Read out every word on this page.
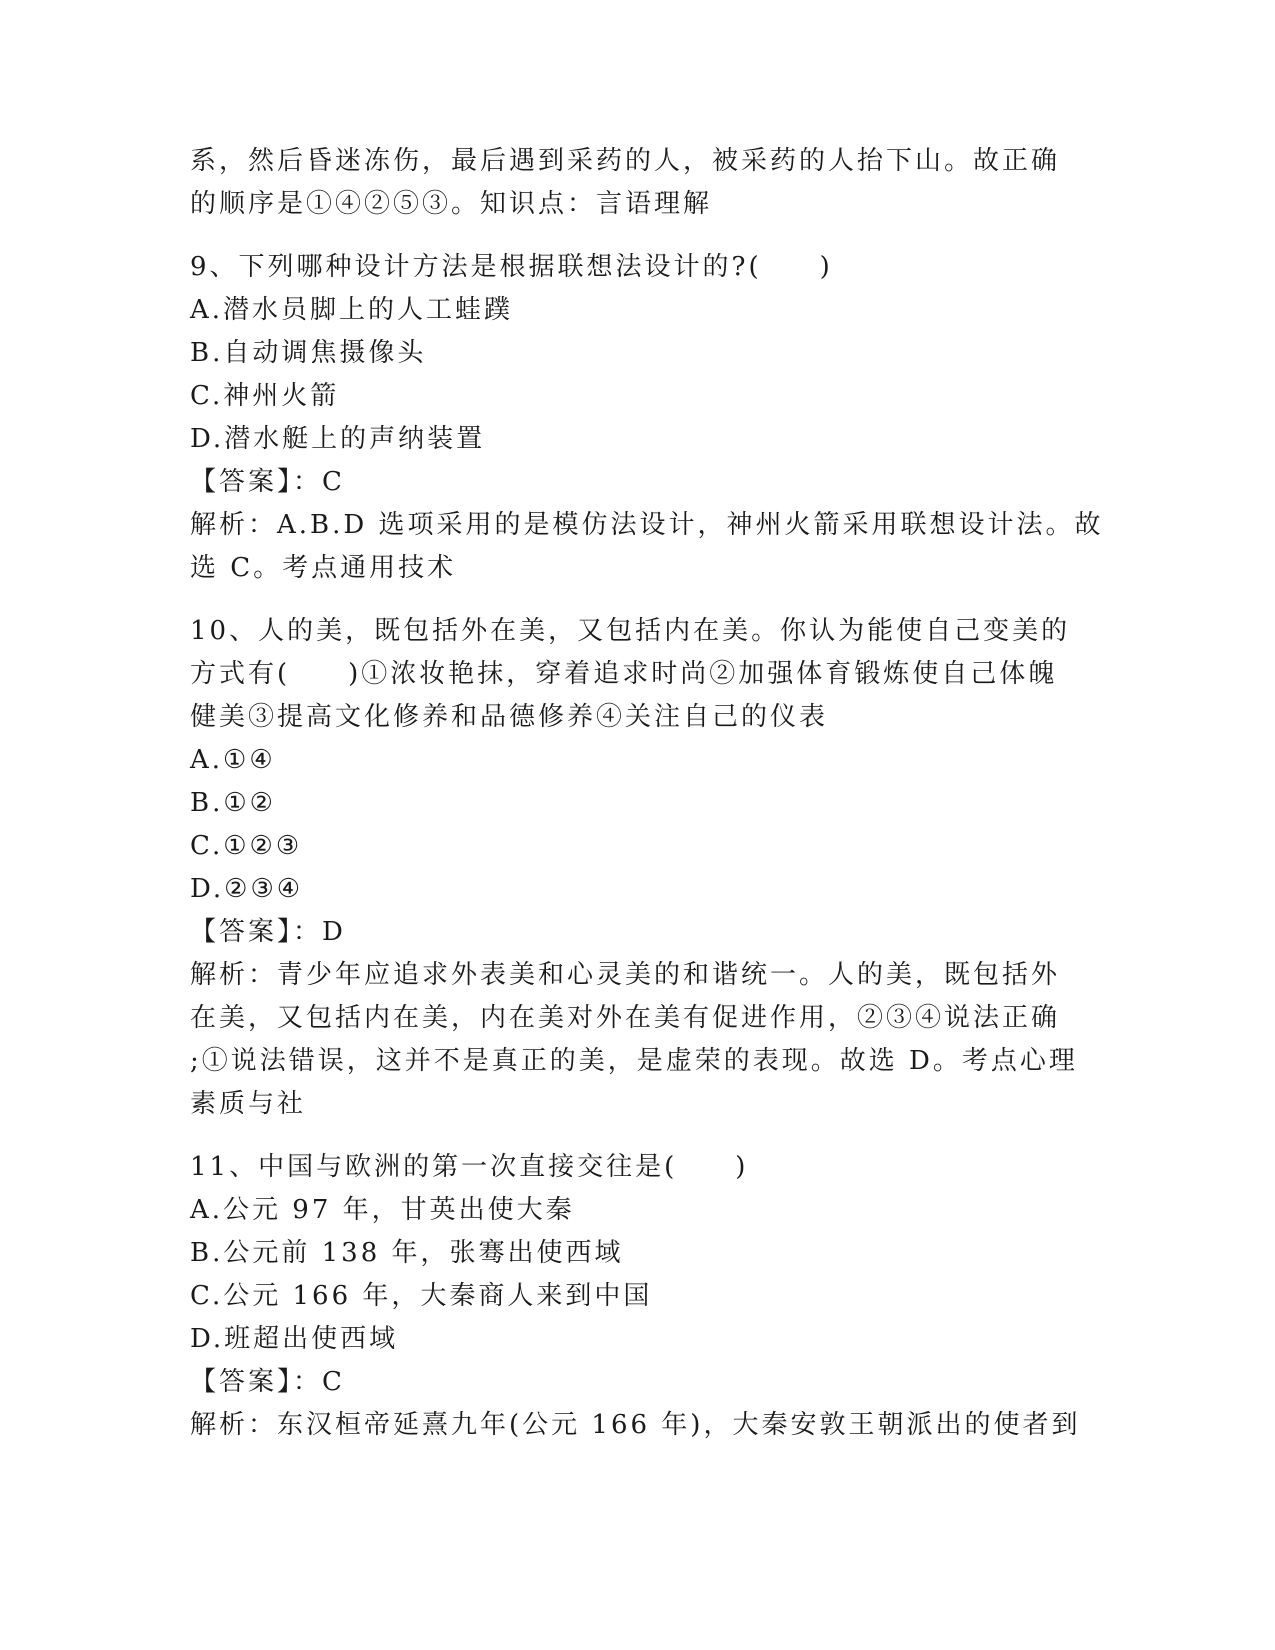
系，然后昏迷冻伤，最后遇到采药的人，被采药的人抬下山。故正确
的顺序是①④②⑤③。知识点：言语理解
9、下列哪种设计方法是根据联想法设计的?(　　)
A.潜水员脚上的人工蛙蹼
B.自动调焦摄像头
C.神州火箭
D.潜水艇上的声纳装置
【答案】：C
解析：A.B.D 选项采用的是模仿法设计，神州火箭采用联想设计法。故
选 C。考点通用技术
10、人的美，既包括外在美，又包括内在美。你认为能使自己变美的
方式有(　　)①浓妆艳抹，穿着追求时尚②加强体育锻炼使自己体魄
健美③提高文化修养和品德修养④关注自己的仪表
A.①④
B.①②
C.①②③
D.②③④
【答案】：D
解析：青少年应追求外表美和心灵美的和谐统一。人的美，既包括外
在美，又包括内在美，内在美对外在美有促进作用，②③④说法正确
;①说法错误，这并不是真正的美，是虚荣的表现。故选 D。考点心理
素质与社
11、中国与欧洲的第一次直接交往是(　　)
A.公元 97 年，甘英出使大秦
B.公元前 138 年，张骞出使西域
C.公元 166 年，大秦商人来到中国
D.班超出使西域
【答案】：C
解析：东汉桓帝延熹九年(公元 166 年)，大秦安敦王朝派出的使者到
